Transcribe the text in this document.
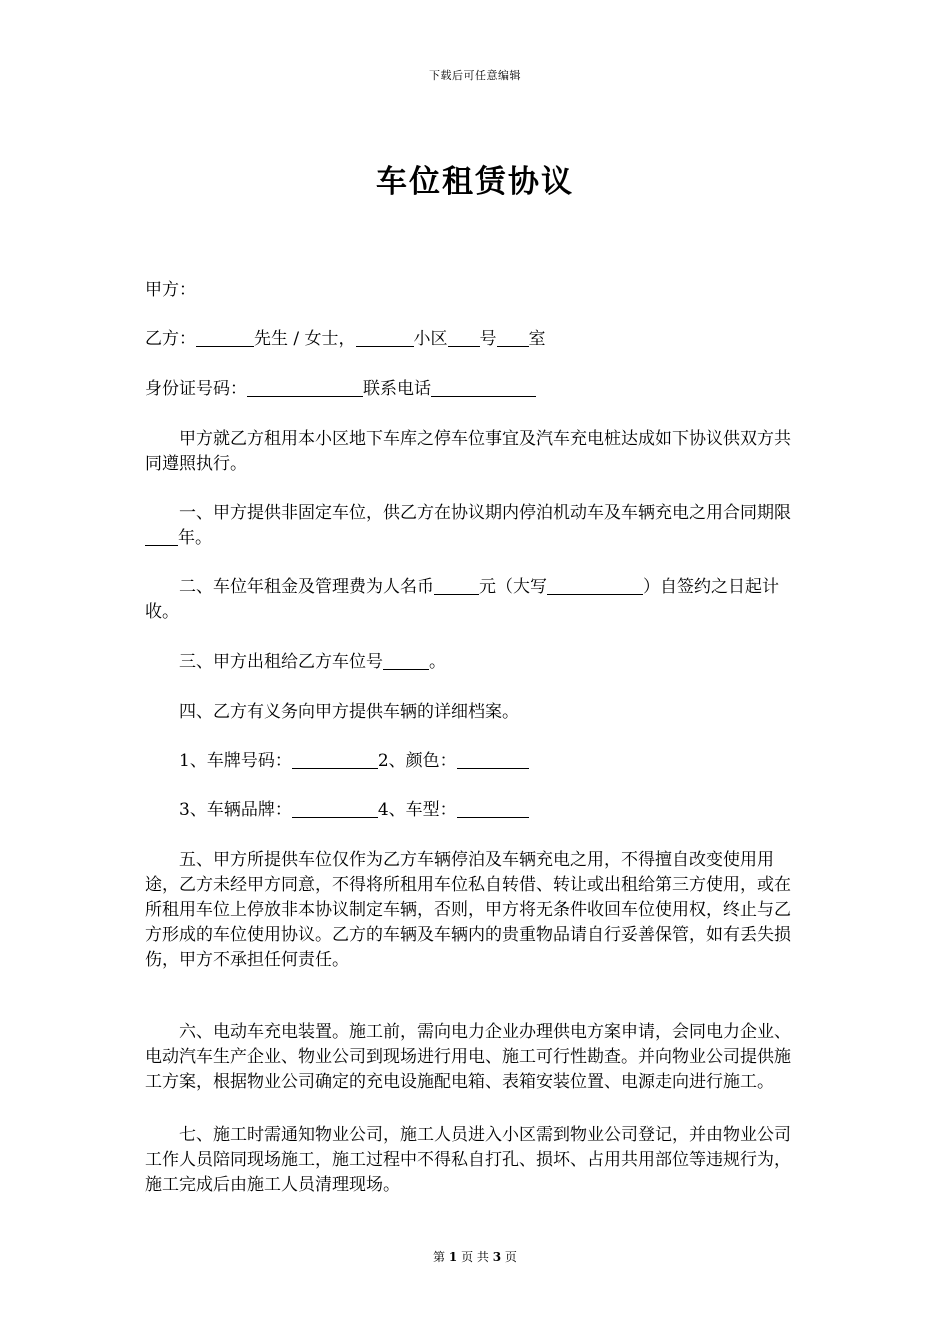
下载后可任意编辑
车位租赁协议
甲方：
乙方：	先生 / 女士，	小区 号 室
身份证号码：	联系电话
甲方就乙方租用本小区地下车库之停车位事宜及汽车充电桩达成如下协议供双方共同遵照执行。
一、甲方提供非固定车位，供乙方在协议期内停泊机动车及车辆充电之用合同期限年。
二、车位年租金及管理费为人名币	元（大写	）自签约之日起计收。
三、甲方出租给乙方车位号	。
四、乙方有义务向甲方提供车辆的详细档案。
1、车牌号码：	2、颜色：
3、车辆品牌：	4、车型：
五、甲方所提供车位仅作为乙方车辆停泊及车辆充电之用，不得擅自改变使用用途，乙方未经甲方同意，不得将所租用车位私自转借、转让或出租给第三方使用，或在所租用车位上停放非本协议制定车辆，否则，甲方将无条件收回车位使用权，终止与乙方形成的车位使用协议。乙方的车辆及车辆内的贵重物品请自行妥善保管，如有丢失损伤，甲方不承担任何责任。
六、电动车充电装置。施工前，需向电力企业办理供电方案申请，会同电力企业、电动汽车生产企业、物业公司到现场进行用电、施工可行性勘查。并向物业公司提供施工方案，根据物业公司确定的充电设施配电箱、表箱安装位置、电源走向进行施工。
七、施工时需通知物业公司，施工人员进入小区需到物业公司登记，并由物业公司工作人员陪同现场施工，施工过程中不得私自打孔、损坏、占用共用部位等违规行为，施工完成后由施工人员清理现场。
第 1 页 共 3 页
